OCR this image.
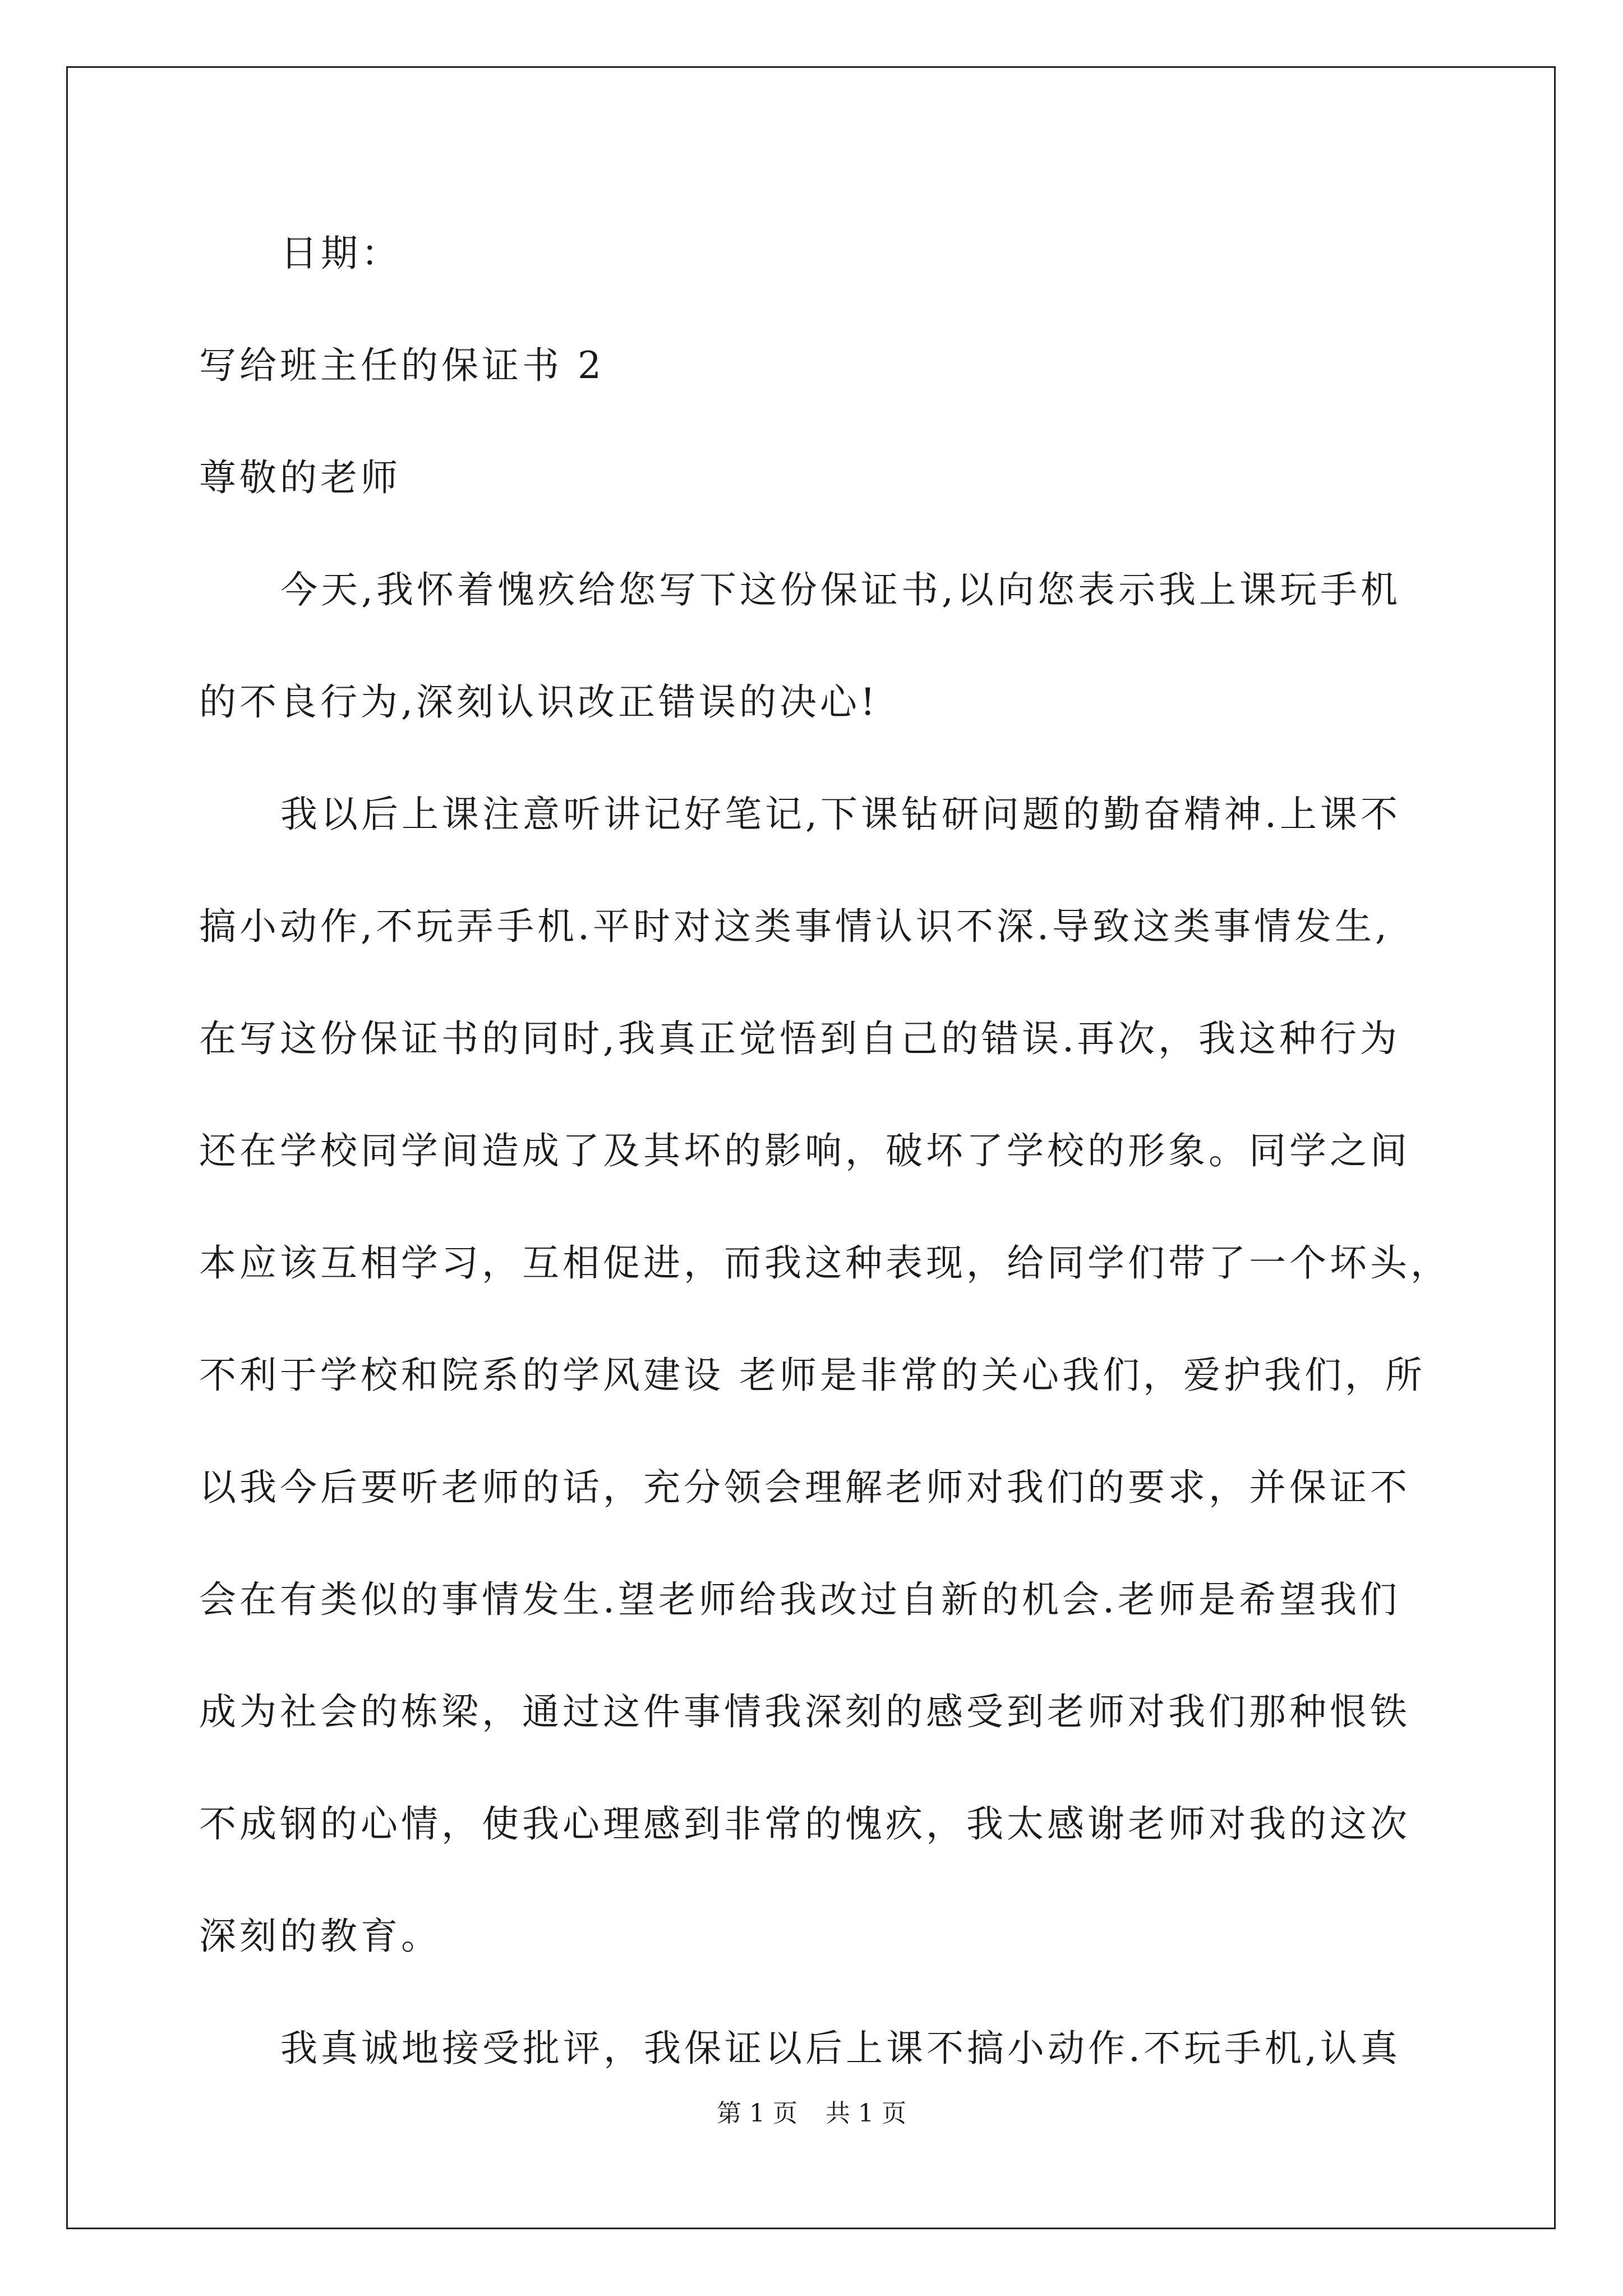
日期：
写给班主任的保证书 2
尊敬的老师
今天,我怀着愧疚给您写下这份保证书,以向您表示我上课玩手机
的不良行为,深刻认识改正错误的决心!
我以后上课注意听讲记好笔记,下课钻研问题的勤奋精神.上课不
搞小动作,不玩弄手机.平时对这类事情认识不深.导致这类事情发生,
在写这份保证书的同时,我真正觉悟到自己的错误.再次，我这种行为
还在学校同学间造成了及其坏的影响，破坏了学校的形象。同学之间
本应该互相学习，互相促进，而我这种表现，给同学们带了一个坏头，
不利于学校和院系的学风建设 老师是非常的关心我们，爱护我们，所
以我今后要听老师的话，充分领会理解老师对我们的要求，并保证不
会在有类似的事情发生.望老师给我改过自新的机会.老师是希望我们
成为社会的栋梁，通过这件事情我深刻的感受到老师对我们那种恨铁
不成钢的心情，使我心理感到非常的愧疚，我太感谢老师对我的这次
深刻的教育。
我真诚地接受批评，我保证以后上课不搞小动作.不玩手机,认真
第 1 页 共 1 页
